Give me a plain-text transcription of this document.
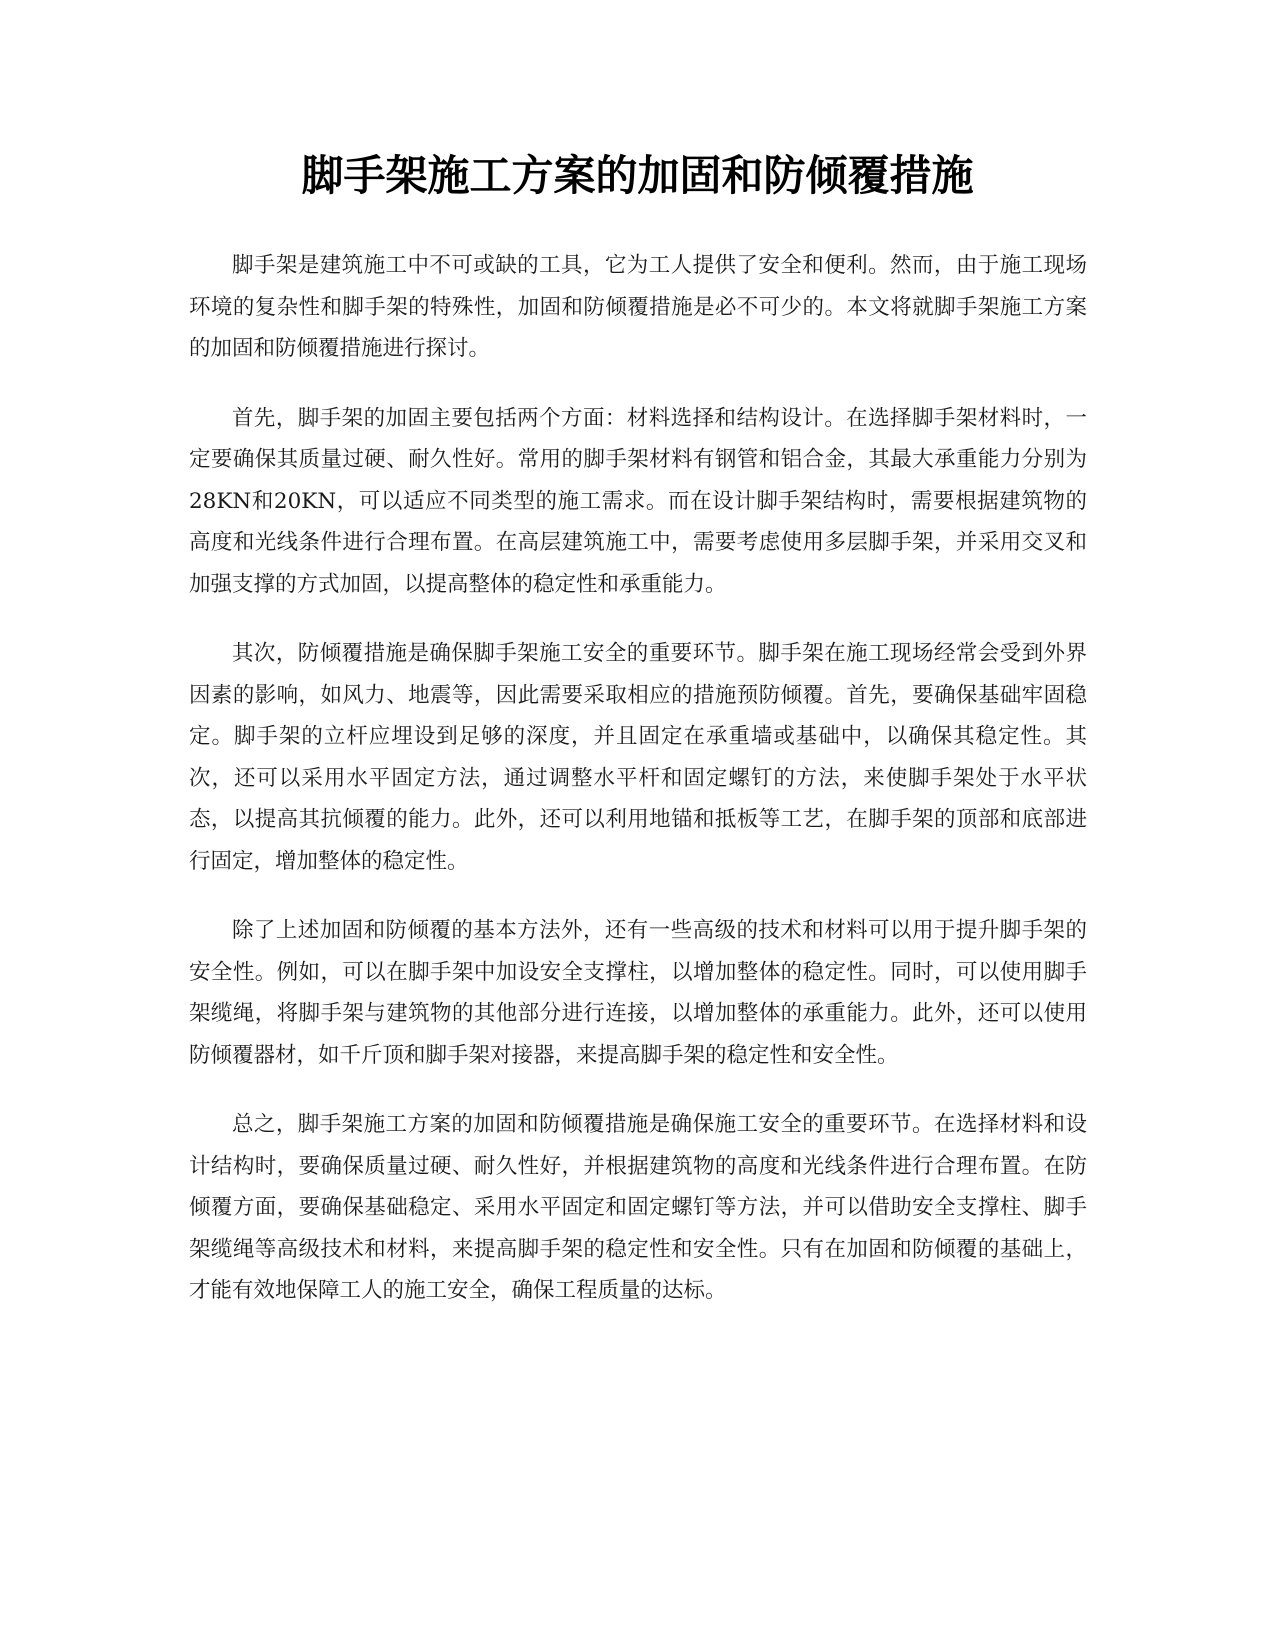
脚手架施工方案的加固和防倾覆措施

脚手架是建筑施工中不可或缺的工具，它为工人提供了安全和便利。然而，由于施工现场环境的复杂性和脚手架的特殊性，加固和防倾覆措施是必不可少的。本文将就脚手架施工方案的加固和防倾覆措施进行探讨。

首先，脚手架的加固主要包括两个方面：材料选择和结构设计。在选择脚手架材料时，一定要确保其质量过硬、耐久性好。常用的脚手架材料有钢管和铝合金，其最大承重能力分别为28KN和20KN，可以适应不同类型的施工需求。而在设计脚手架结构时，需要根据建筑物的高度和光线条件进行合理布置。在高层建筑施工中，需要考虑使用多层脚手架，并采用交叉和加强支撑的方式加固，以提高整体的稳定性和承重能力。

其次，防倾覆措施是确保脚手架施工安全的重要环节。脚手架在施工现场经常会受到外界因素的影响，如风力、地震等，因此需要采取相应的措施预防倾覆。首先，要确保基础牢固稳定。脚手架的立杆应埋设到足够的深度，并且固定在承重墙或基础中，以确保其稳定性。其次，还可以采用水平固定方法，通过调整水平杆和固定螺钉的方法，来使脚手架处于水平状态，以提高其抗倾覆的能力。此外，还可以利用地锚和抵板等工艺，在脚手架的顶部和底部进行固定，增加整体的稳定性。

除了上述加固和防倾覆的基本方法外，还有一些高级的技术和材料可以用于提升脚手架的安全性。例如，可以在脚手架中加设安全支撑柱，以增加整体的稳定性。同时，可以使用脚手架缆绳，将脚手架与建筑物的其他部分进行连接，以增加整体的承重能力。此外，还可以使用防倾覆器材，如千斤顶和脚手架对接器，来提高脚手架的稳定性和安全性。

总之，脚手架施工方案的加固和防倾覆措施是确保施工安全的重要环节。在选择材料和设计结构时，要确保质量过硬、耐久性好，并根据建筑物的高度和光线条件进行合理布置。在防倾覆方面，要确保基础稳定、采用水平固定和固定螺钉等方法，并可以借助安全支撑柱、脚手架缆绳等高级技术和材料，来提高脚手架的稳定性和安全性。只有在加固和防倾覆的基础上，才能有效地保障工人的施工安全，确保工程质量的达标。
